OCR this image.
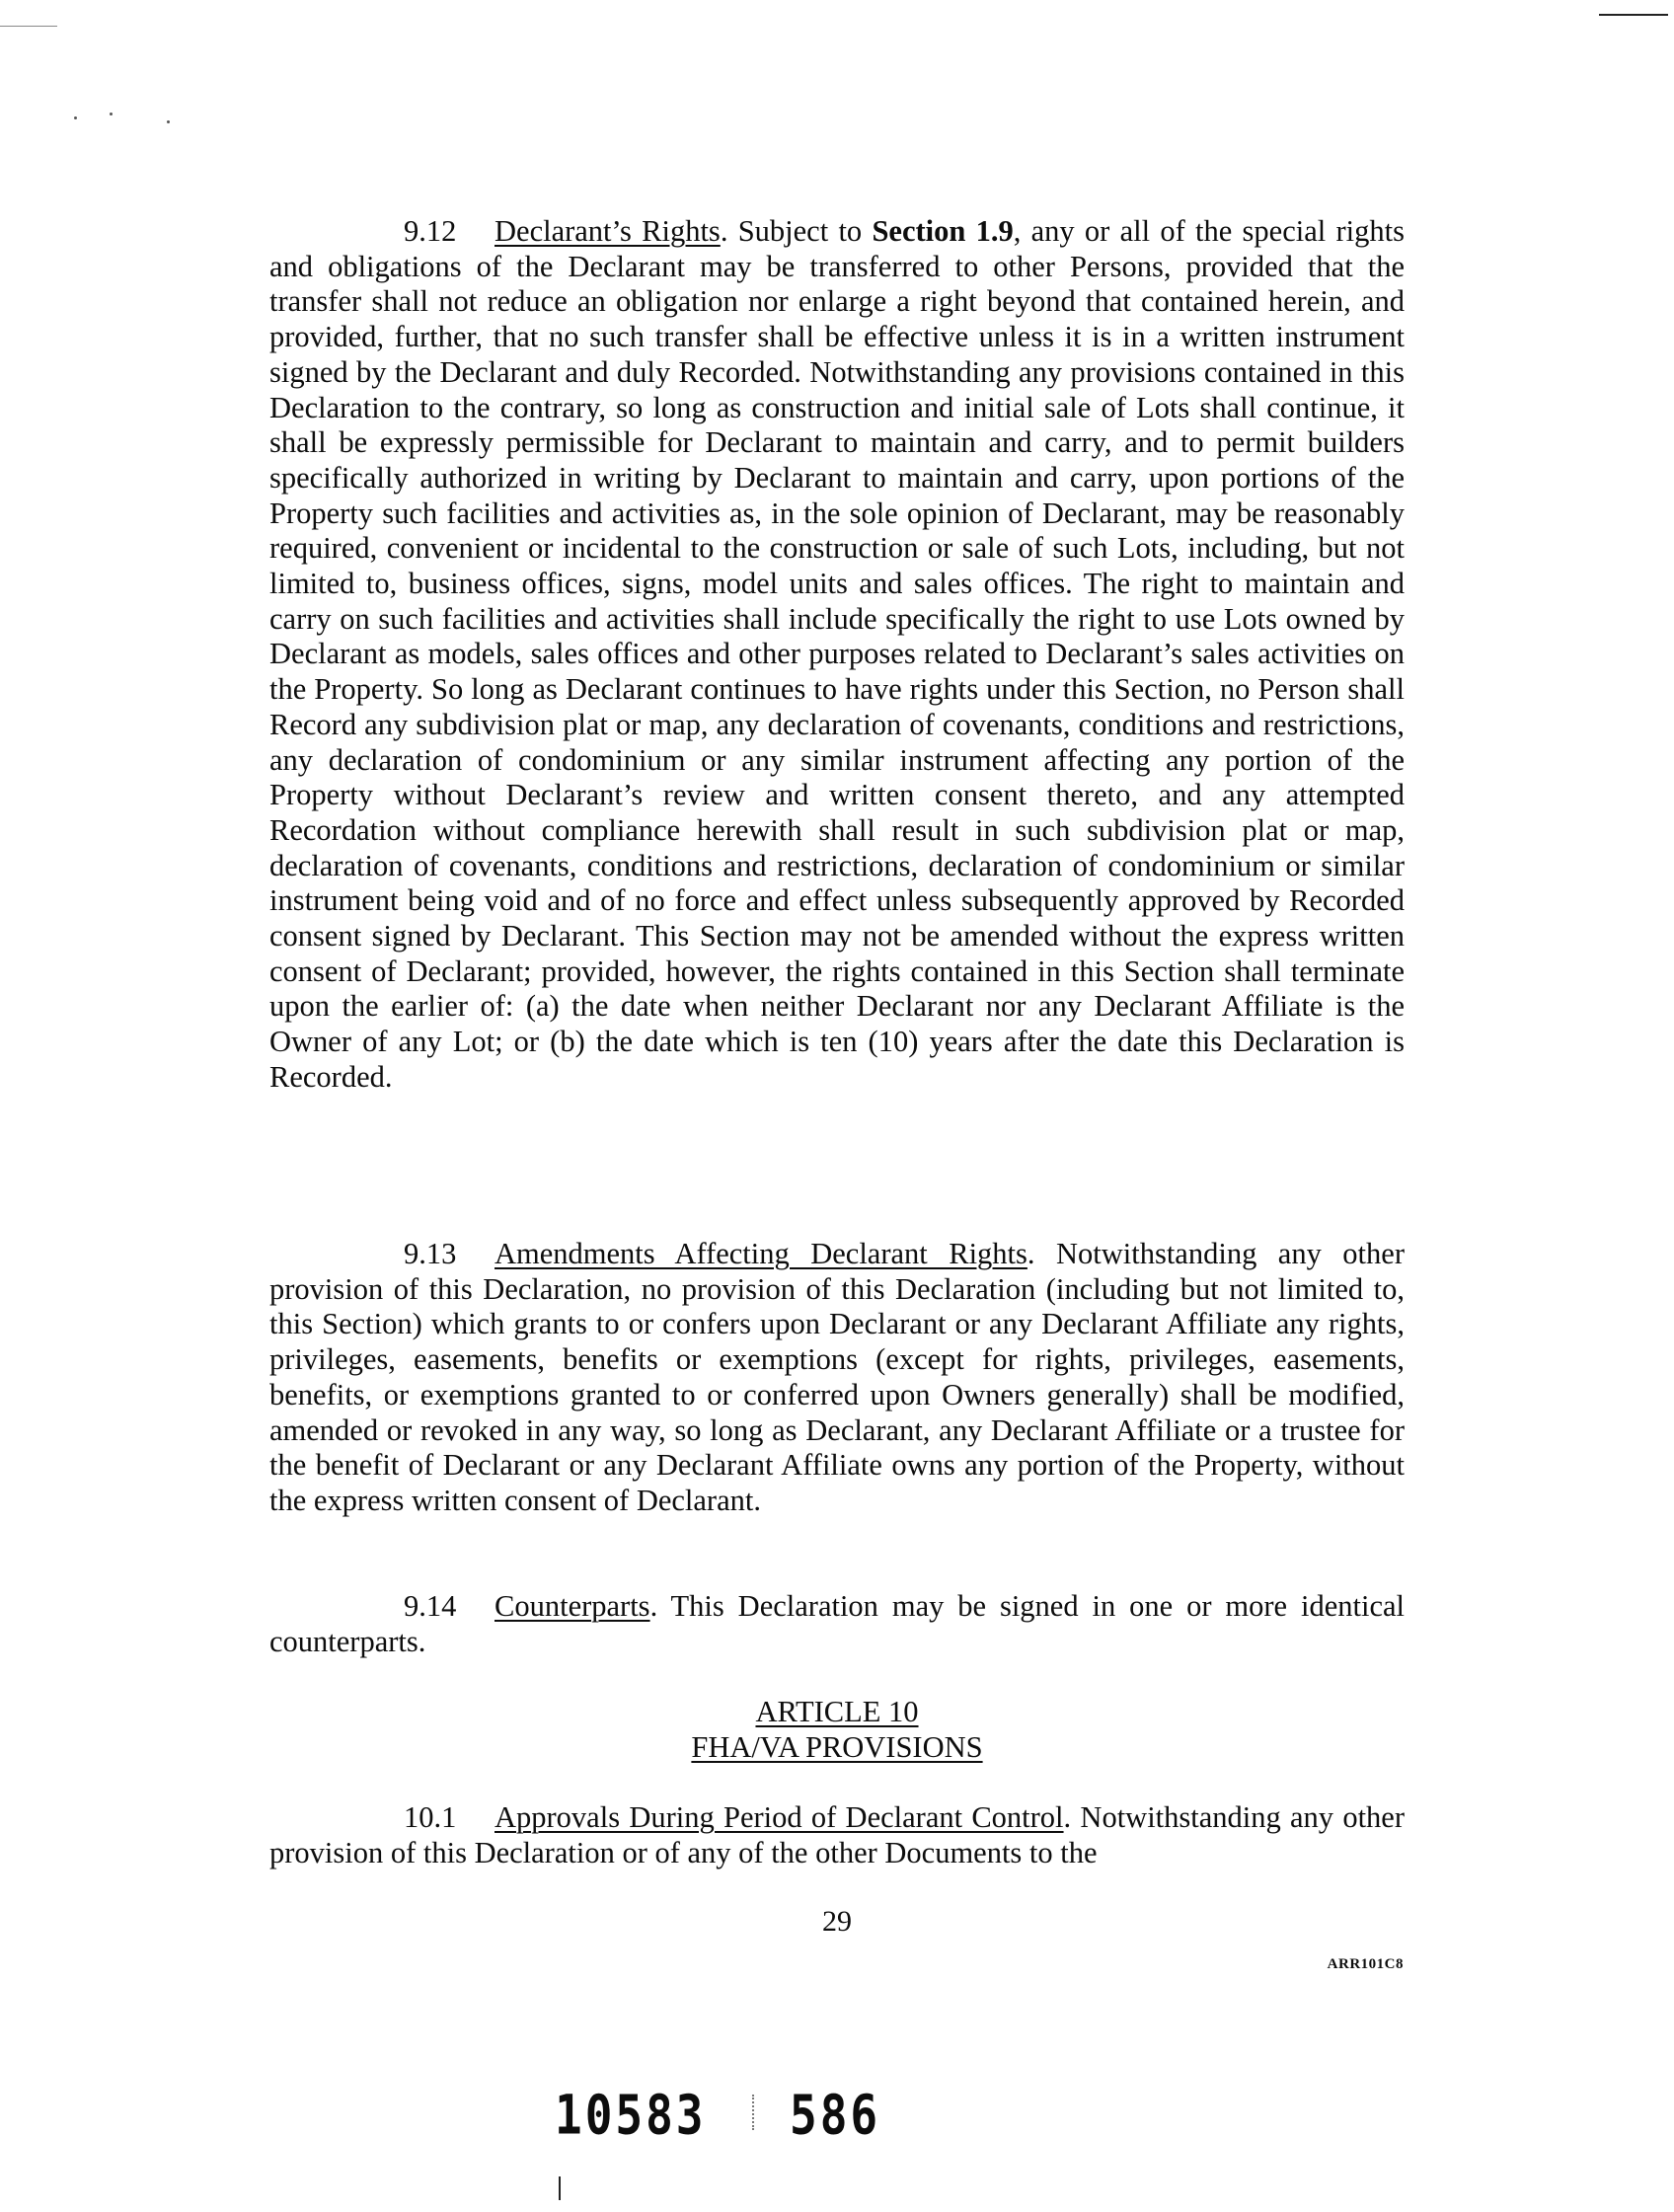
9.12 Declarant’s Rights. Subject to Section 1.9, any or all of the special rights and obligations of the Declarant may be transferred to other Persons, provided that the transfer shall not reduce an obligation nor enlarge a right beyond that contained herein, and provided, further, that no such transfer shall be effective unless it is in a written instrument signed by the Declarant and duly Recorded. Notwithstanding any provisions contained in this Declaration to the contrary, so long as construction and initial sale of Lots shall continue, it shall be expressly permissible for Declarant to maintain and carry, and to permit builders specifically authorized in writing by Declarant to maintain and carry, upon portions of the Property such facilities and activities as, in the sole opinion of Declarant, may be reasonably required, convenient or incidental to the construction or sale of such Lots, including, but not limited to, business offices, signs, model units and sales offices. The right to maintain and carry on such facilities and activities shall include specifically the right to use Lots owned by Declarant as models, sales offices and other purposes related to Declarant’s sales activities on the Property. So long as Declarant continues to have rights under this Section, no Person shall Record any subdivision plat or map, any declaration of covenants, conditions and restrictions, any declaration of condominium or any similar instrument affecting any portion of the Property without Declarant’s review and written consent thereto, and any attempted Recordation without compliance herewith shall result in such subdivision plat or map, declaration of covenants, conditions and restrictions, declaration of condominium or similar instrument being void and of no force and effect unless subsequently approved by Recorded consent signed by Declarant. This Section may not be amended without the express written consent of Declarant; provided, however, the rights contained in this Section shall terminate upon the earlier of: (a) the date when neither Declarant nor any Declarant Affiliate is the Owner of any Lot; or (b) the date which is ten (10) years after the date this Declaration is Recorded.

9.13 Amendments Affecting Declarant Rights. Notwithstanding any other provision of this Declaration, no provision of this Declaration (including but not limited to, this Section) which grants to or confers upon Declarant or any Declarant Affiliate any rights, privileges, easements, benefits or exemptions (except for rights, privileges, easements, benefits, or exemptions granted to or conferred upon Owners generally) shall be modified, amended or revoked in any way, so long as Declarant, any Declarant Affiliate or a trustee for the benefit of Declarant or any Declarant Affiliate owns any portion of the Property, without the express written consent of Declarant.

9.14 Counterparts. This Declaration may be signed in one or more identical counterparts.

ARTICLE 10
FHA/VA PROVISIONS

10.1 Approvals During Period of Declarant Control. Notwithstanding any other provision of this Declaration or of any of the other Documents to the

29
ARR101C8
10583 586
